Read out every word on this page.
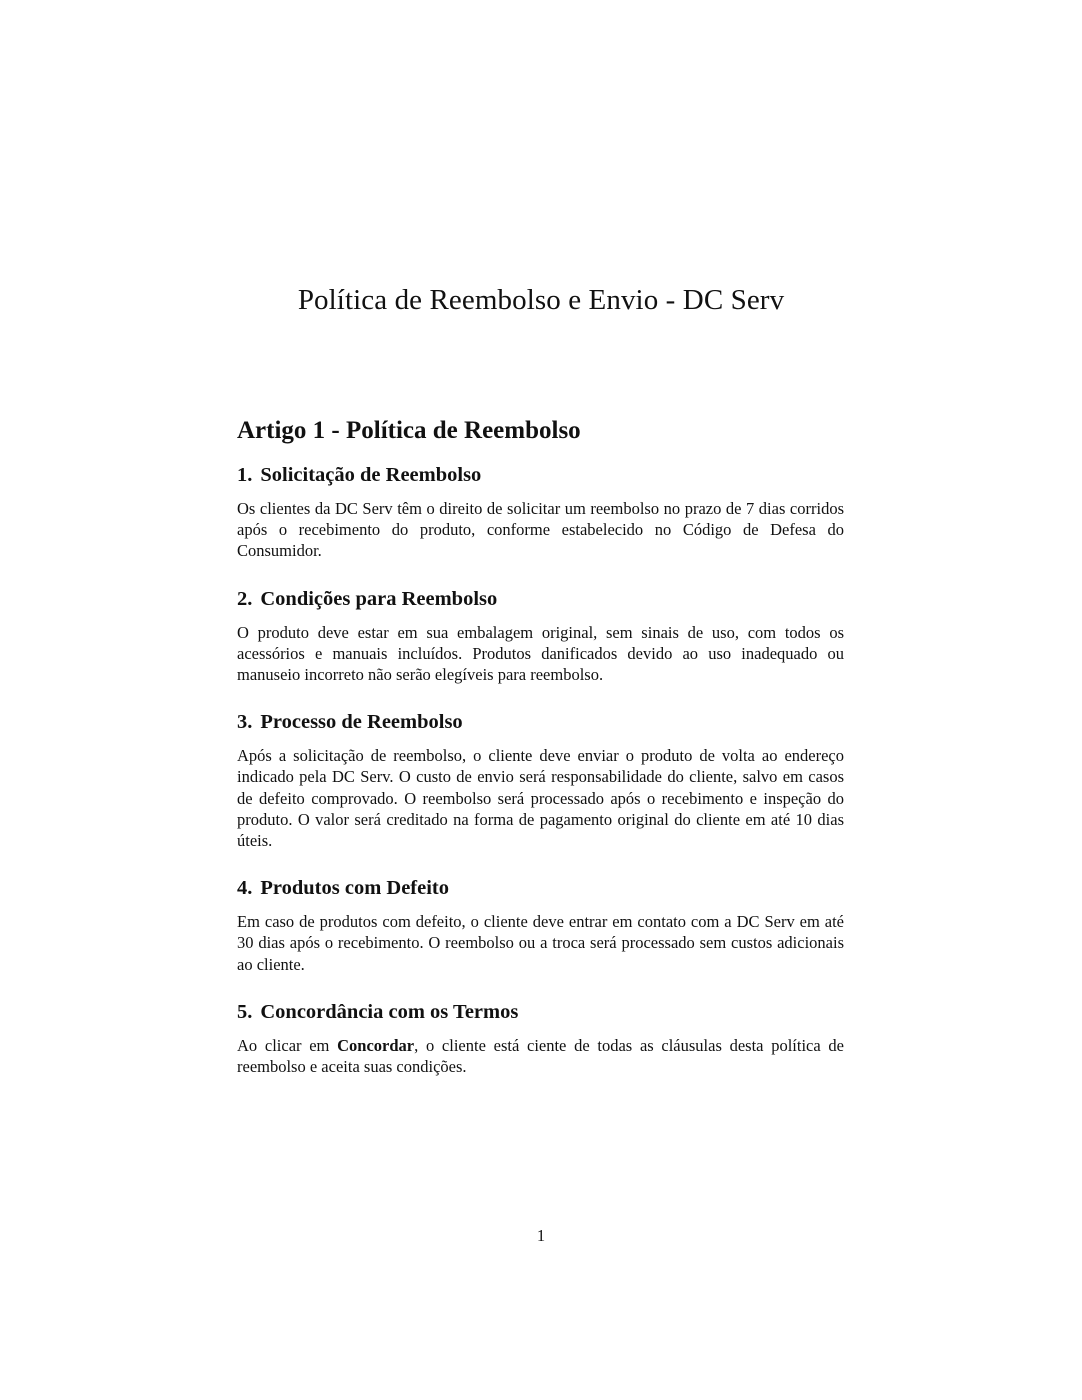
Política de Reembolso e Envio - DC Serv
Artigo 1 - Política de Reembolso
1. Solicitação de Reembolso

Os clientes da DC Serv têm o direito de solicitar um reembolso no prazo de 7 dias corridos após o recebimento do produto, conforme estabelecido no Código de Defesa do Consumidor.

2. Condições para Reembolso

O produto deve estar em sua embalagem original, sem sinais de uso, com todos os acessórios e manuais incluídos. Produtos danificados devido ao uso inadequado ou manuseio incorreto não serão elegíveis para reembolso.

3. Processo de Reembolso

Após a solicitação de reembolso, o cliente deve enviar o produto de volta ao endereço indicado pela DC Serv. O custo de envio será responsabilidade do cliente, salvo em casos de defeito comprovado. O reembolso será processado após o recebimento e inspeção do produto. O valor será creditado na forma de pagamento original do cliente em até 10 dias úteis.

4. Produtos com Defeito

Em caso de produtos com defeito, o cliente deve entrar em contato com a DC Serv em até 30 dias após o recebimento. O reembolso ou a troca será processado sem custos adicionais ao cliente.

5. Concordância com os Termos

Ao clicar em Concordar, o cliente está ciente de todas as cláusulas desta política de reembolso e aceita suas condições.

1
